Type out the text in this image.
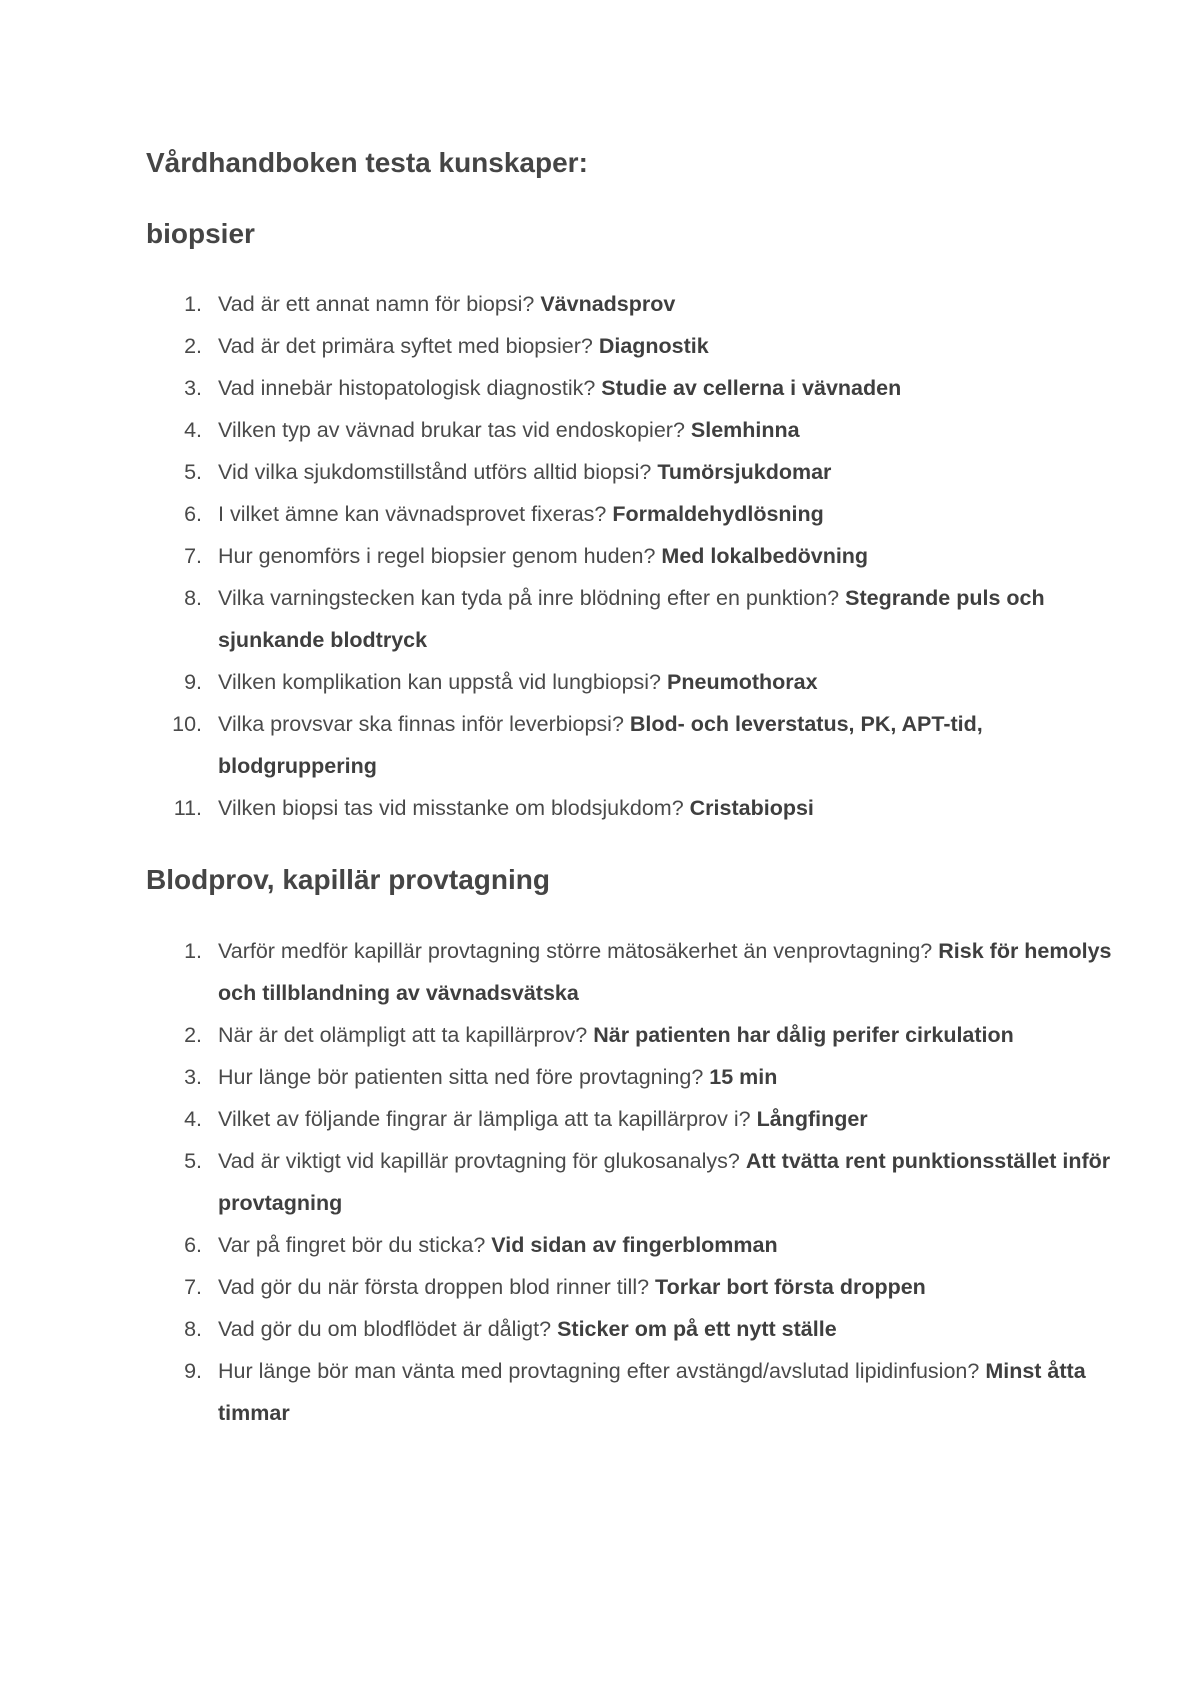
Vårdhandboken testa kunskaper:
biopsier
1. Vad är ett annat namn för biopsi? Vävnadsprov
2. Vad är det primära syftet med biopsier? Diagnostik
3. Vad innebär histopatologisk diagnostik? Studie av cellerna i vävnaden
4. Vilken typ av vävnad brukar tas vid endoskopier? Slemhinna
5. Vid vilka sjukdomstillstånd utförs alltid biopsi? Tumörsjukdomar
6. I vilket ämne kan vävnadsprovet fixeras? Formaldehydlösning
7. Hur genomförs i regel biopsier genom huden? Med lokalbedövning
8. Vilka varningstecken kan tyda på inre blödning efter en punktion? Stegrande puls och sjunkande blodtryck
9. Vilken komplikation kan uppstå vid lungbiopsi? Pneumothorax
10. Vilka provsvar ska finnas inför leverbiopsi? Blod- och leverstatus, PK, APT-tid, blodgruppering
11. Vilken biopsi tas vid misstanke om blodsjukdom? Cristabiopsi
Blodprov, kapillär provtagning
1. Varför medför kapillär provtagning större mätosäkerhet än venprovtagning? Risk för hemolys och tillblandning av vävnadsvätska
2. När är det olämpligt att ta kapillärprov? När patienten har dålig perifer cirkulation
3. Hur länge bör patienten sitta ned före provtagning? 15 min
4. Vilket av följande fingrar är lämpliga att ta kapillärprov i? Långfinger
5. Vad är viktigt vid kapillär provtagning för glukosanalys? Att tvätta rent punktionsstället inför provtagning
6. Var på fingret bör du sticka? Vid sidan av fingerblomman
7. Vad gör du när första droppen blod rinner till? Torkar bort första droppen
8. Vad gör du om blodflödet är dåligt? Sticker om på ett nytt ställe
9. Hur länge bör man vänta med provtagning efter avstängd/avslutad lipidinfusion? Minst åtta timmar
